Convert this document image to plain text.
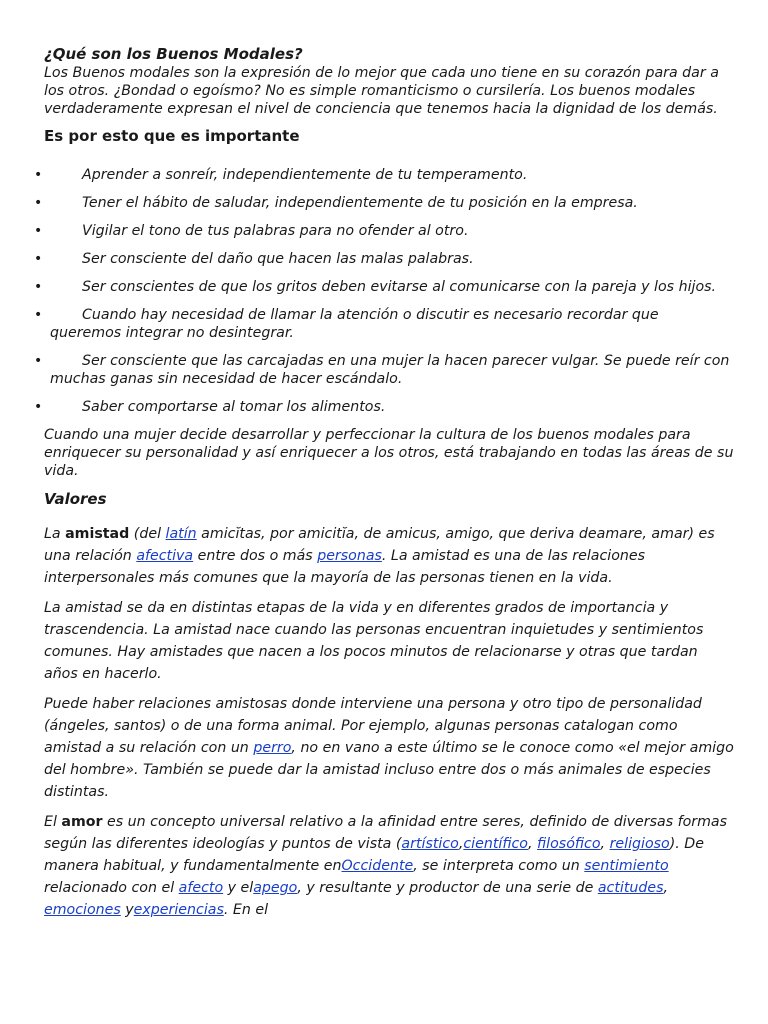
¿Qué son los Buenos Modales?

Los Buenos modales son la expresión de lo mejor que cada uno tiene en su corazón para dar a los otros. ¿Bondad o egoísmo? No es simple romanticismo o cursilería. Los buenos modales verdaderamente expresan el nivel de conciencia que tenemos hacia la dignidad de los demás.

Es por esto que es importante

•	Aprender a sonreír, independientemente de tu temperamento.
•	Tener el hábito de saludar, independientemente de tu posición en la empresa.
•	Vigilar el tono de tus palabras para no ofender al otro.
•	Ser consciente del daño que hacen las malas palabras.
•	Ser conscientes de que los gritos deben evitarse al comunicarse con la pareja y los hijos.
•	Cuando hay necesidad de llamar la atención o discutir es necesario recordar que queremos integrar no desintegrar.
•	Ser consciente que las carcajadas en una mujer la hacen parecer vulgar. Se puede reír con muchas ganas sin necesidad de hacer escándalo.
•	Saber comportarse al tomar los alimentos.

Cuando una mujer decide desarrollar y perfeccionar la cultura de los buenos modales para enriquecer su personalidad y así enriquecer a los otros, está trabajando en todas las áreas de su vida.

Valores

La amistad (del latín amicĭtas, por amicitĭa, de amicus, amigo, que deriva deamare, amar) es una relación afectiva entre dos o más personas. La amistad es una de las relaciones interpersonales más comunes que la mayoría de las personas tienen en la vida.

La amistad se da en distintas etapas de la vida y en diferentes grados de importancia y trascendencia. La amistad nace cuando las personas encuentran inquietudes y sentimientos comunes. Hay amistades que nacen a los pocos minutos de relacionarse y otras que tardan años en hacerlo.

Puede haber relaciones amistosas donde interviene una persona y otro tipo de personalidad (ángeles, santos) o de una forma animal. Por ejemplo, algunas personas catalogan como amistad a su relación con un perro, no en vano a este último se le conoce como «el mejor amigo del hombre». También se puede dar la amistad incluso entre dos o más animales de especies distintas.

El amor es un concepto universal relativo a la afinidad entre seres, definido de diversas formas según las diferentes ideologías y puntos de vista (artístico,científico, filosófico, religioso). De manera habitual, y fundamentalmente enOccidente, se interpreta como un sentimiento relacionado con el afecto y elapego, y resultante y productor de una serie de actitudes, emociones yexperiencias. En el
